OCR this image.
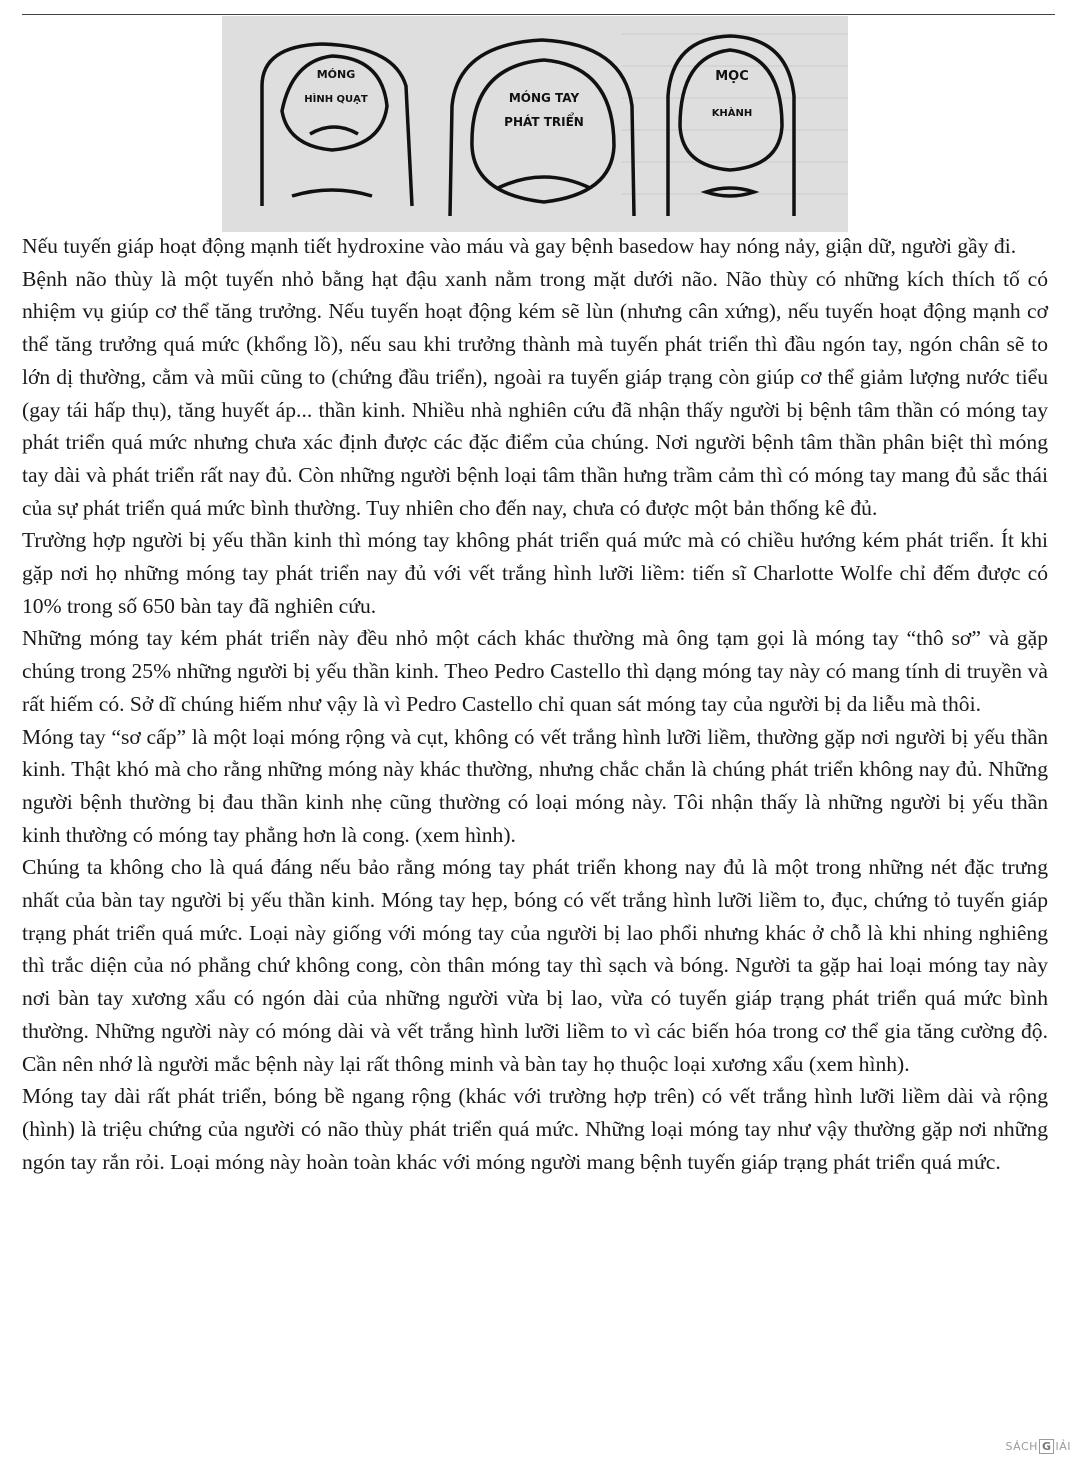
MÓNG
HÌNH QUẠT	MÓNG TAY
PHÁT TRIỂN
MỌC
KHÀNH

Nếu tuyến giáp hoạt động mạnh tiết hydroxine vào máu và gay bệnh basedow hay nóng nảy, giận dữ, người gầy đi.

Bệnh não thùy là một tuyến nhỏ bằng hạt đậu xanh nằm trong mặt dưới não. Não thùy có những kích thích tố có nhiệm vụ giúp cơ thể tăng trưởng. Nếu tuyến hoạt động kém sẽ lùn (nhưng cân xứng), nếu tuyến hoạt động mạnh cơ thể tăng trưởng quá mức (khổng lồ), nếu sau khi trưởng thành mà tuyến phát triển thì đầu ngón tay, ngón chân sẽ to lớn dị thường, cằm và mũi cũng to (chứng đầu triển), ngoài ra tuyến giáp trạng còn giúp cơ thể giảm lượng nước tiểu (gay tái hấp thụ), tăng huyết áp... thần kinh. Nhiều nhà nghiên cứu đã nhận thấy người bị bệnh tâm thần có móng tay phát triển quá mức nhưng chưa xác định được các đặc điểm của chúng. Nơi người bệnh tâm thần phân biệt thì móng tay dài và phát triển rất nay đủ. Còn những người bệnh loại tâm thần hưng trầm cảm thì có móng tay mang đủ sắc thái của sự phát triển quá mức bình thường. Tuy nhiên cho đến nay, chưa có được một bản thống kê đủ.

Trường hợp người bị yếu thần kinh thì móng tay không phát triển quá mức mà có chiều hướng kém phát triển. Ít khi gặp nơi họ những móng tay phát triển nay đủ với vết trắng hình lưỡi liềm: tiến sĩ Charlotte Wolfe chỉ đếm được có 10% trong số 650 bàn tay đã nghiên cứu.

Những móng tay kém phát triển này đều nhỏ một cách khác thường mà ông tạm gọi là móng tay “thô sơ” và gặp chúng trong 25% những người bị yếu thần kinh. Theo Pedro Castello thì dạng móng tay này có mang tính di truyền và rất hiếm có. Sở dĩ chúng hiếm như vậy là vì Pedro Castello chỉ quan sát móng tay của người bị da liễu mà thôi.

Móng tay “sơ cấp” là một loại móng rộng và cụt, không có vết trắng hình lưỡi liềm, thường gặp nơi người bị yếu thần kinh. Thật khó mà cho rằng những móng này khác thường, nhưng chắc chắn là chúng phát triển không nay đủ. Những người bệnh thường bị đau thần kinh nhẹ cũng thường có loại móng này. Tôi nhận thấy là những người bị yếu thần kinh thường có móng tay phẳng hơn là cong. (xem hình).

Chúng ta không cho là quá đáng nếu bảo rằng móng tay phát triển khong nay đủ là một trong những nét đặc trưng nhất của bàn tay người bị yếu thần kinh. Móng tay hẹp, bóng có vết trắng hình lưỡi liềm to, đục, chứng tỏ tuyến giáp trạng phát triển quá mức. Loại này giống với móng tay của người bị lao phổi nhưng khác ở chỗ là khi nhing nghiêng thì trắc diện của nó phẳng chứ không cong, còn thân móng tay thì sạch và bóng. Người ta gặp hai loại móng tay này nơi bàn tay xương xẩu có ngón dài của những người vừa bị lao, vừa có tuyến giáp trạng phát triển quá mức bình thường. Những người này có móng dài và vết trắng hình lưỡi liềm to vì các biến hóa trong cơ thể gia tăng cường độ. Cần nên nhớ là người mắc bệnh này lại rất thông minh và bàn tay họ thuộc loại xương xẩu (xem hình).

Móng tay dài rất phát triển, bóng bề ngang rộng (khác với trường hợp trên) có vết trắng hình lưỡi liềm dài và rộng (hình) là triệu chứng của người có não thùy phát triển quá mức. Những loại móng tay như vậy thường gặp nơi những ngón tay rắn rỏi. Loại móng này hoàn toàn khác với móng người mang bệnh tuyến giáp trạng phát triển quá mức.

SÁCH G IẢI
